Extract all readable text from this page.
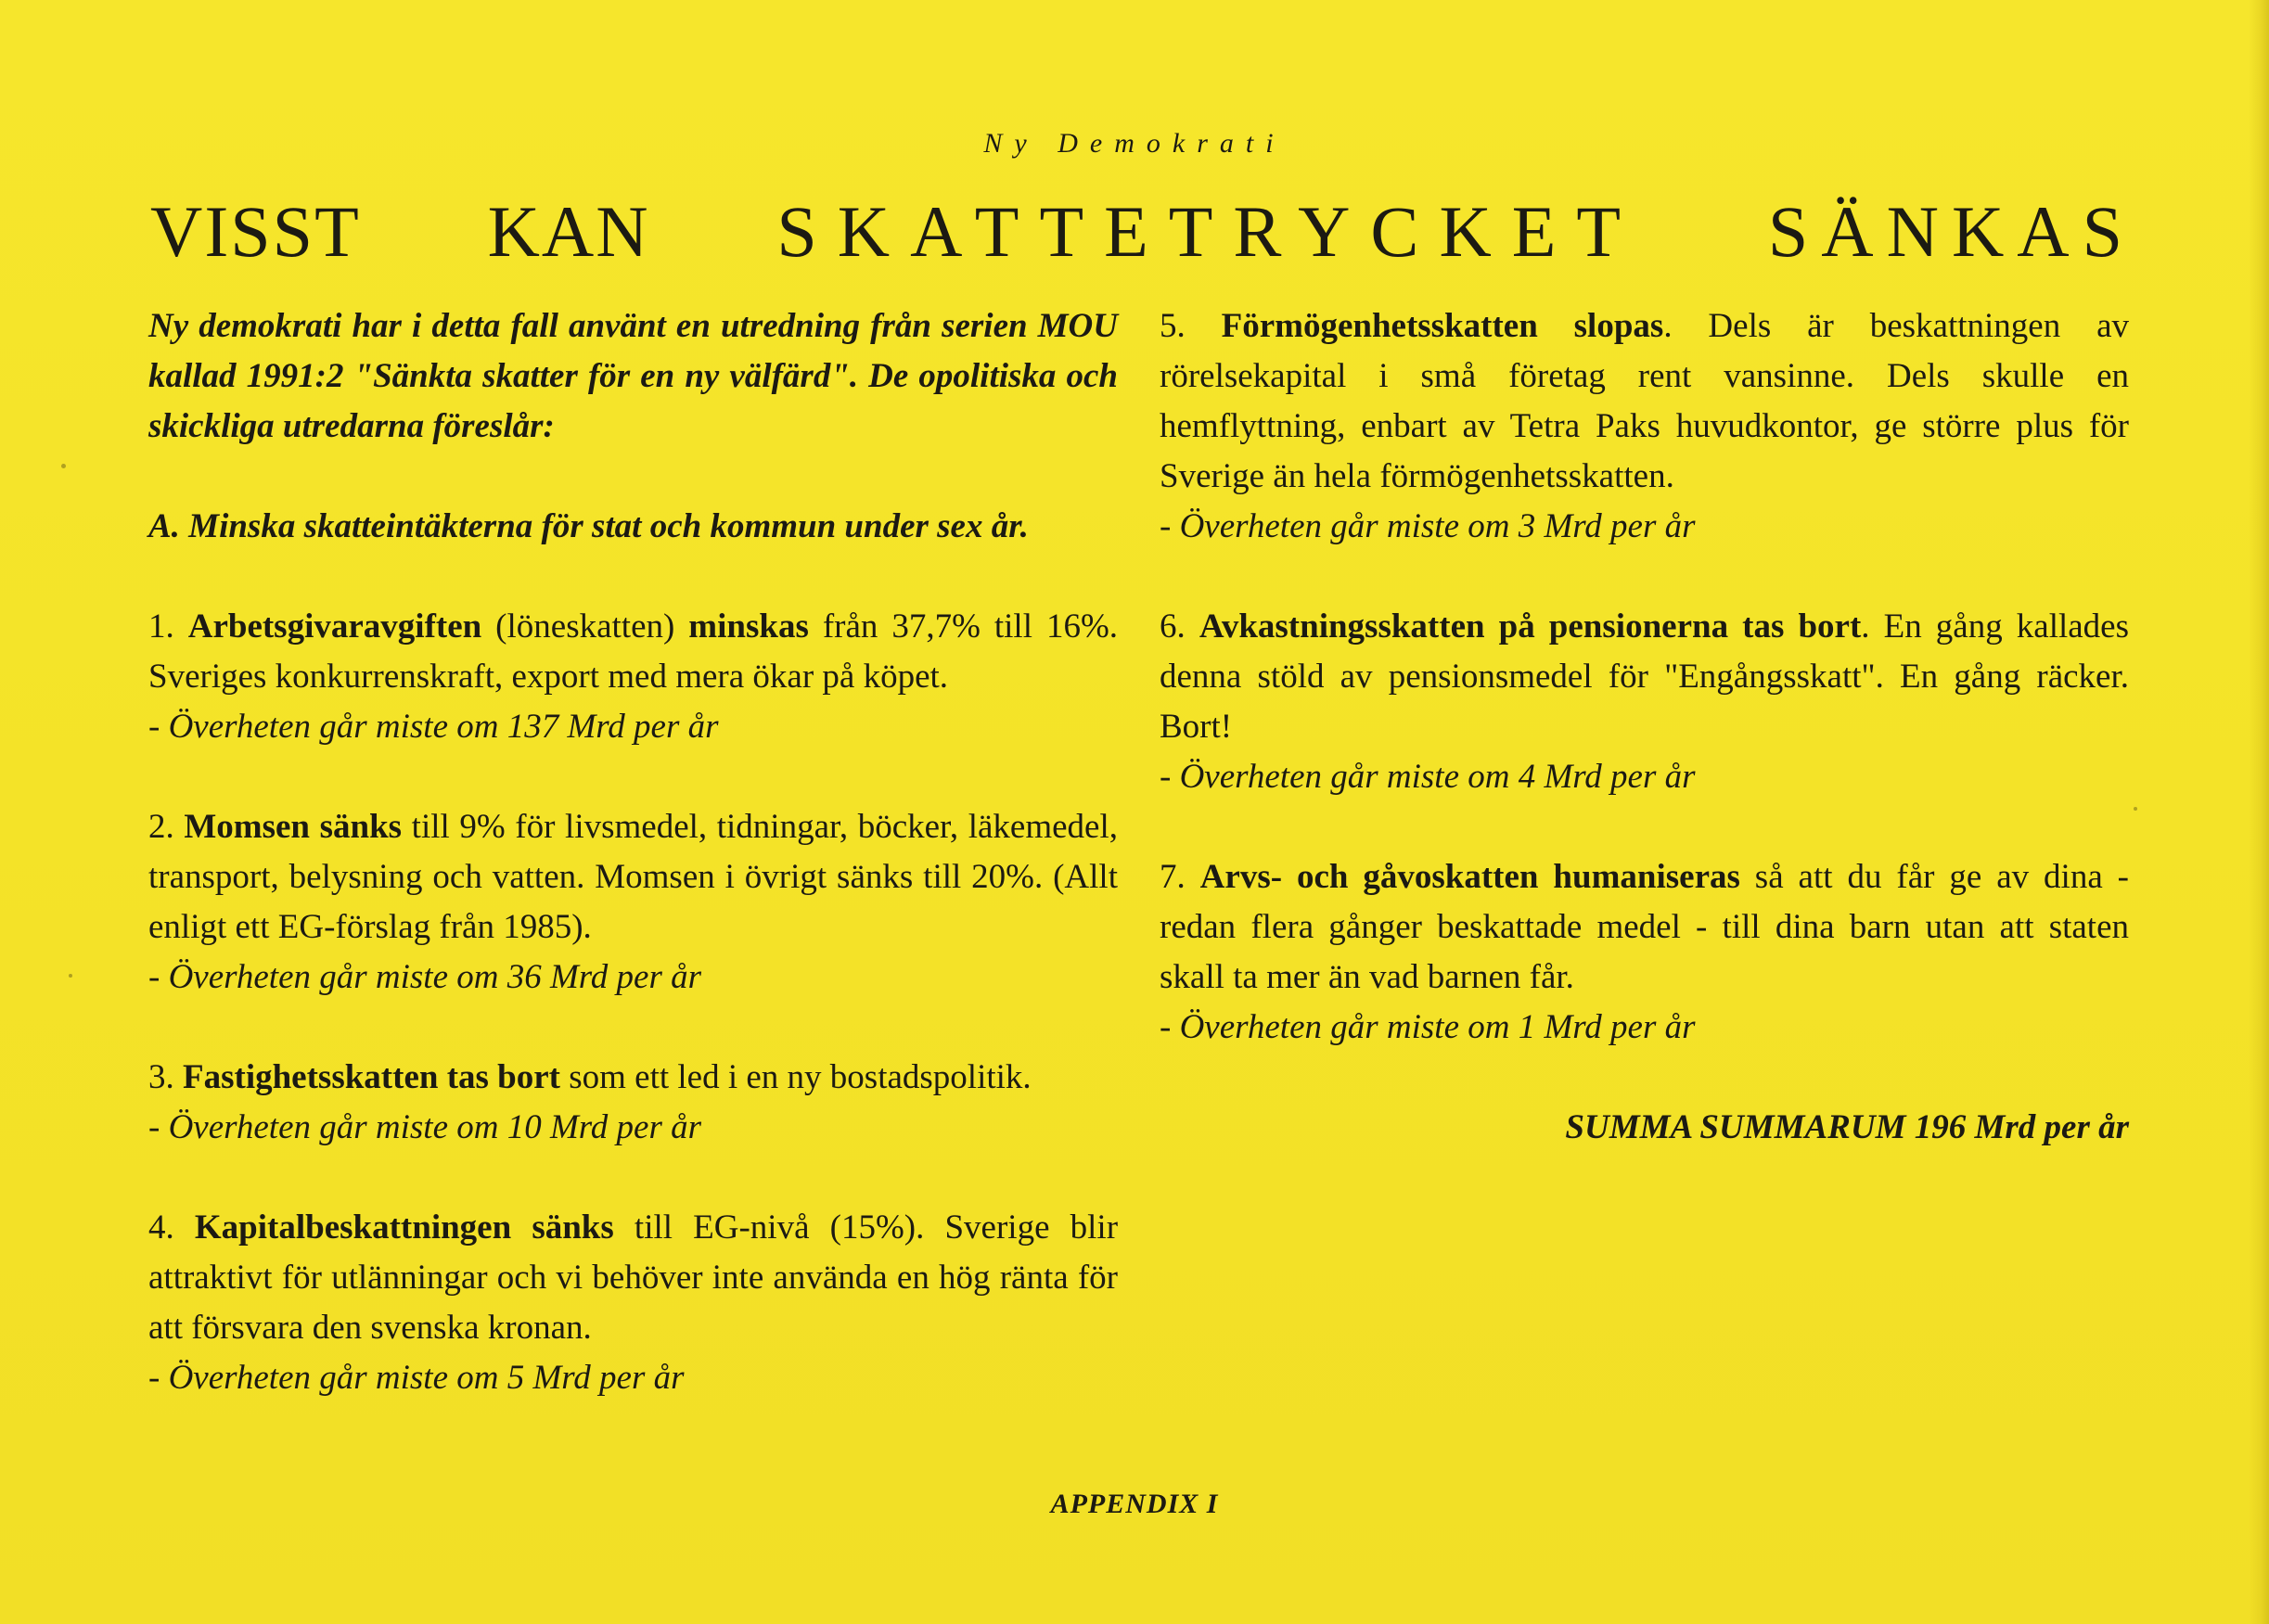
Ny Demokrati
VISST KAN SKATTETRYCKET SÄNKAS

Ny demokrati har i detta fall använt en utredning från serien MOU kallad 1991:2 "Sänkta skatter för en ny välfärd". De opolitiska och skickliga utredarna föreslår:

A. Minska skatteintäkterna för stat och kommun under sex år.

1. Arbetsgivaravgiften (löneskatten) minskas från 37,7% till 16%. Sveriges konkurrenskraft, export med mera ökar på köpet.

- Överheten går miste om 137 Mrd per år

2. Momsen sänks till 9% för livsmedel, tidningar, böcker, läkemedel, transport, belysning och vatten. Momsen i övrigt sänks till 20%. (Allt enligt ett EG-förslag från 1985).

- Överheten går miste om 36 Mrd per år

3. Fastighetsskatten tas bort som ett led i en ny bostadspolitik.

- Överheten går miste om 10 Mrd per år

4. Kapitalbeskattningen sänks till EG-nivå (15%). Sverige blir attraktivt för utlänningar och vi behöver inte använda en hög ränta för att försvara den svenska kronan.

- Överheten går miste om 5 Mrd per år

5. Förmögenhetsskatten slopas. Dels är beskattningen av rörelsekapital i små företag rent vansinne. Dels skulle en hemflyttning, enbart av Tetra Paks huvudkontor, ge större plus för Sverige än hela förmögenhetsskatten.

- Överheten går miste om 3 Mrd per år

6. Avkastningsskatten på pensionerna tas bort. En gång kallades denna stöld av pensionsmedel för "Engångsskatt". En gång räcker. Bort!

- Överheten går miste om 4 Mrd per år

7. Arvs- och gåvoskatten humaniseras så att du får ge av dina - redan flera gånger beskattade medel - till dina barn utan att staten skall ta mer än vad barnen får.

- Överheten går miste om 1 Mrd per år

SUMMA SUMMARUM 196 Mrd per år

APPENDIX I
